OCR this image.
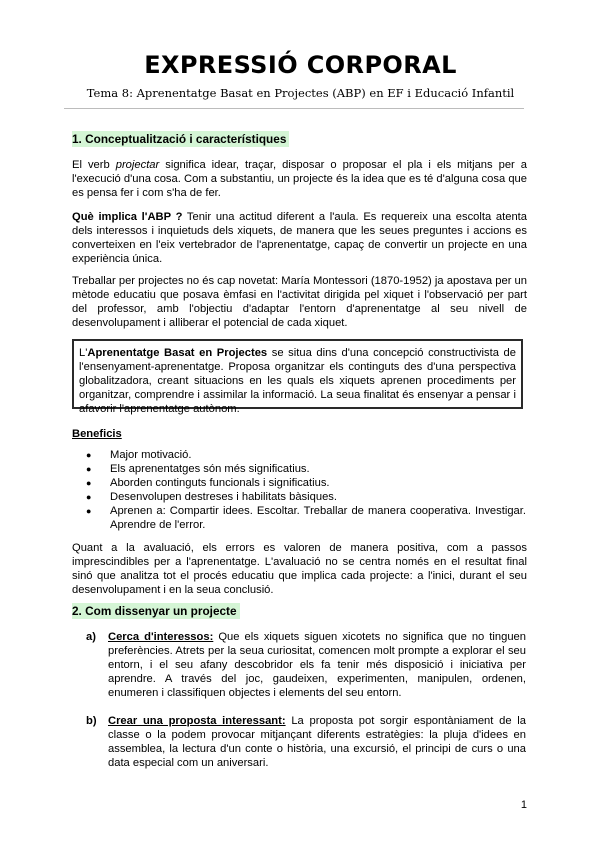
EXPRESSIÓ CORPORAL
Tema 8: Aprenentatge Basat en Projectes (ABP) en EF i Educació Infantil
1. Conceptualització i característiques

El verb projectar significa idear, traçar, disposar o proposar el pla i els mitjans per a l'execució d'una cosa. Com a substantiu, un projecte és la idea que es té d'alguna cosa que es pensa fer i com s'ha de fer.

Què implica l'ABP ? Tenir una actitud diferent a l'aula. Es requereix una escolta atenta dels interessos i inquietuds dels xiquets, de manera que les seues preguntes i accions es converteixen en l'eix vertebrador de l'aprenentatge, capaç de convertir un projecte en una experiència única.

Treballar per projectes no és cap novetat: María Montessori (1870-1952) ja apostava per un mètode educatiu que posava èmfasi en l'activitat dirigida pel xiquet i l'observació per part del professor, amb l'objectiu d'adaptar l'entorn d'aprenentatge al seu nivell de desenvolupament i alliberar el potencial de cada xiquet.

L'Aprenentatge Basat en Projectes se situa dins d'una concepció constructivista de l'ensenyament-aprenentatge. Proposa organitzar els continguts des d'una perspectiva globalitzadora, creant situacions en les quals els xiquets aprenen procediments per organitzar, comprendre i assimilar la informació. La seua finalitat és ensenyar a pensar i afavorir l'aprenentatge autònom.

Beneficis
● Major motivació.
● Els aprenentatges són més significatius.
● Aborden continguts funcionals i significatius.
● Desenvolupen destreses i habilitats bàsiques.
● Aprenen a: Compartir idees. Escoltar. Treballar de manera cooperativa. Investigar. Aprendre de l'error.

Quant a la avaluació, els errors es valoren de manera positiva, com a passos imprescindibles per a l'aprenentatge. L'avaluació no se centra només en el resultat final sinó que analitza tot el procés educatiu que implica cada projecte: a l'inici, durant el seu desenvolupament i en la seua conclusió.

2. Com dissenyar un projecte
a) Cerca d'interessos: Que els xiquets siguen xicotets no significa que no tinguen preferències. Atrets per la seua curiositat, comencen molt prompte a explorar el seu entorn, i el seu afany descobridor els fa tenir més disposició i iniciativa per aprendre. A través del joc, gaudeixen, experimenten, manipulen, ordenen, enumeren i classifiquen objectes i elements del seu entorn.
b) Crear una proposta interessant: La proposta pot sorgir espontàniament de la classe o la podem provocar mitjançant diferents estratègies: la pluja d'idees en assemblea, la lectura d'un conte o història, una excursió, el principi de curs o una data especial com un aniversari.
1
